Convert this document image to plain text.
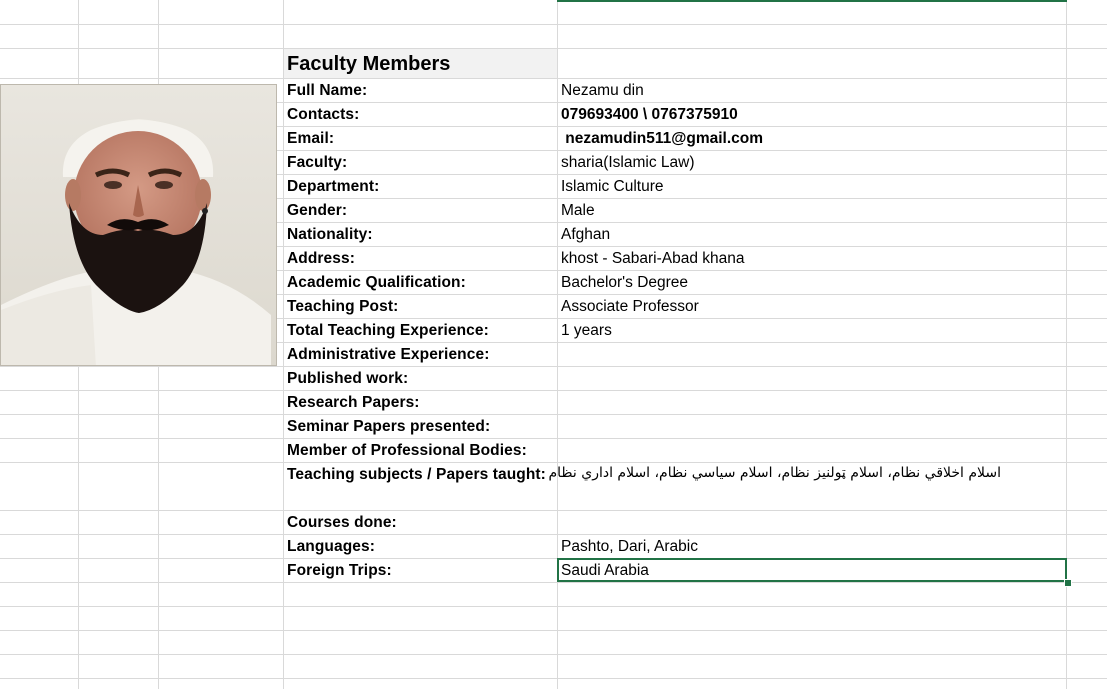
Faculty Members
Full Name:	Nezamu din
Contacts:	079693400 \ 0767375910
Email:	nezamudin511@gmail.com
Faculty:	sharia(Islamic Law)
Department:	Islamic Culture
Gender:	Male
Nationality:	Afghan
Address:	khost - Sabari-Abad khana
Academic Qualification:	Bachelor's Degree
Teaching Post:	Associate Professor
Total Teaching Experience:	1 years
Administrative Experience:
Published work:
Research Papers:
Seminar Papers presented:
Member of Professional Bodies:
Teaching subjects / Papers taught: اسلام اخلاقي نظام، اسلام ټولنيز نظام، اسلام سياسي نظام، اسلام اداري نظام
Courses done:
Languages:	Pashto, Dari, Arabic
Foreign Trips:	Saudi Arabia
